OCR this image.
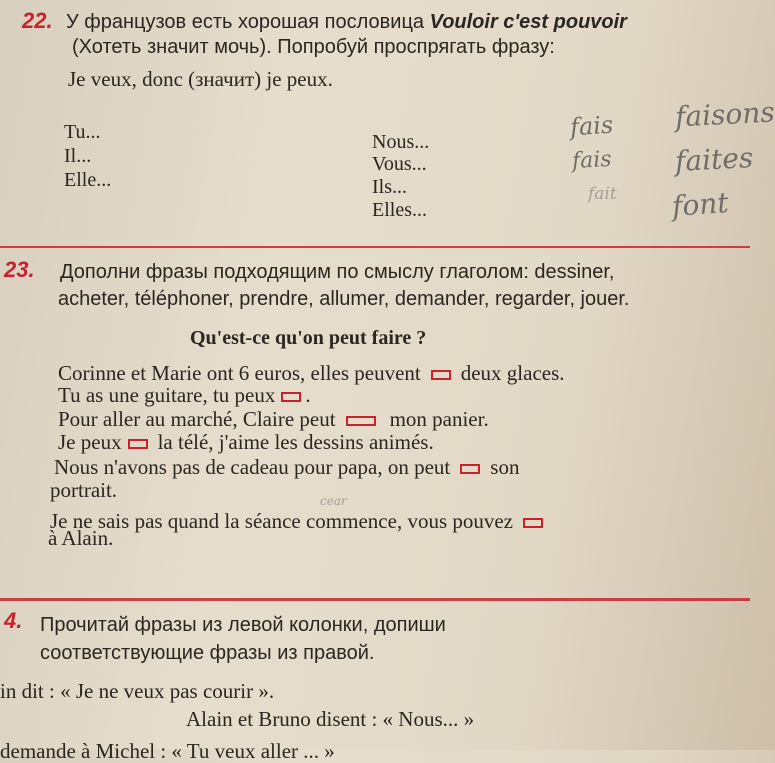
22. У французов есть хорошая пословица Vouloir c'est pouvoir
(Хотеть значит мочь). Попробуй проспрягать фразу:
Je veux, donc (значит) je peux.
Tu...
Il...
Elle...
Nous...
Vous...
Ils...
Elles...
fais
fais
fait
faisons
faites
font
23. Дополни фразы подходящим по смыслу глаголом: dessiner,
acheter, téléphoner, prendre, allumer, demander, regarder, jouer.
Qu'est-ce qu'on peut faire ?
Corinne et Marie ont 6 euros, elles peuvent deux glaces.
Tu as une guitare, tu peux .
Pour aller au marché, Claire peut	mon panier.
Je peux la télé, j'aime les dessins animés.
Nous n'avons pas de cadeau pour papa, on peut son
portrait.	cear
Je ne sais pas quand la séance commence, vous pouvez
à Alain.
4. Прочитай фразы из левой колонки, допиши
соответствующие фразы из правой.
in dit : « Je ne veux pas courir ».
Alain et Bruno disent : « Nous... »
demande à Michel : « Tu veux aller ... »
